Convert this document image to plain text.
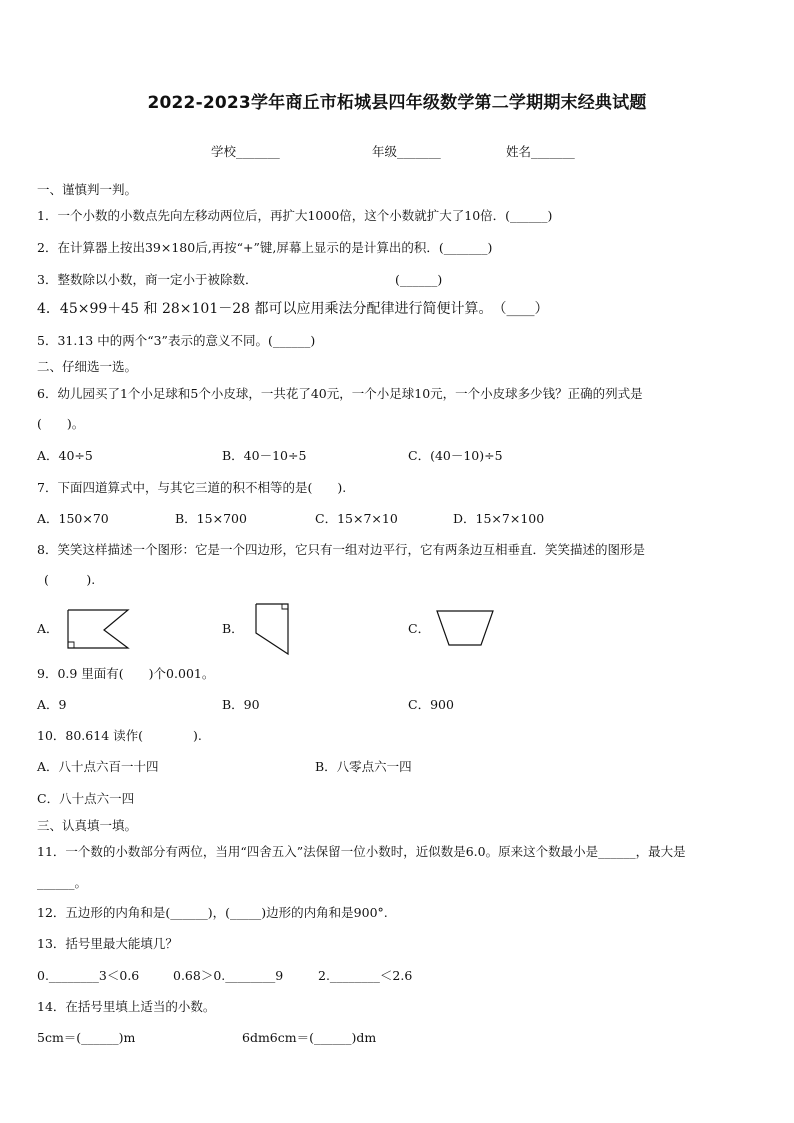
2022-2023学年商丘市柘城县四年级数学第二学期期末经典试题
学校_______	年级_______	姓名_______
一、谨慎判一判。
1．一个小数的小数点先向左移动两位后，再扩大1000倍，这个小数就扩大了10倍．(______)
2．在计算器上按出39×180后,再按“+”键,屏幕上显示的是计算出的积．(_______)
3．整数除以小数，商一定小于被除数．	(______)
4．45×99＋45 和 28×101－28 都可以应用乘法分配律进行简便计算。　（____）
5．31.13 中的两个“3”表示的意义不同。(______)
二、仔细选一选。
6．幼儿园买了1个小足球和5个小皮球，一共花了40元，一个小足球10元，一个小皮球多少钱？正确的列式是
(　　)。
A．40÷5	B．40－10÷5	C．(40－10)÷5
7．下面四道算式中，与其它三道的积不相等的是(　　).
A．150×70	B．15×700	C．15×7×10	D．15×7×100
8．笑笑这样描述一个图形：它是一个四边形，它只有一组对边平行，它有两条边互相垂直．笑笑描述的图形是
(　　　).
A．	B．	C．
9．0.9 里面有(　　)个0.001。
A．9	B．90	C．900
10．80.614 读作(　　　　).
A．八十点六百一十四	B．八零点六一四
C．八十点六一四
三、认真填一填。
11．一个数的小数部分有两位，当用“四舍五入”法保留一位小数时，近似数是6.0。原来这个数最小是______，最大是
______。
12．五边形的内角和是(______)，(_____)边形的内角和是900°.
13．括号里最大能填几？
0.________3＜0.6	0.68＞0.________9	2.________＜2.6
14．在括号里填上适当的小数。
5cm＝(______)m	6dm6cm＝(______)dm
